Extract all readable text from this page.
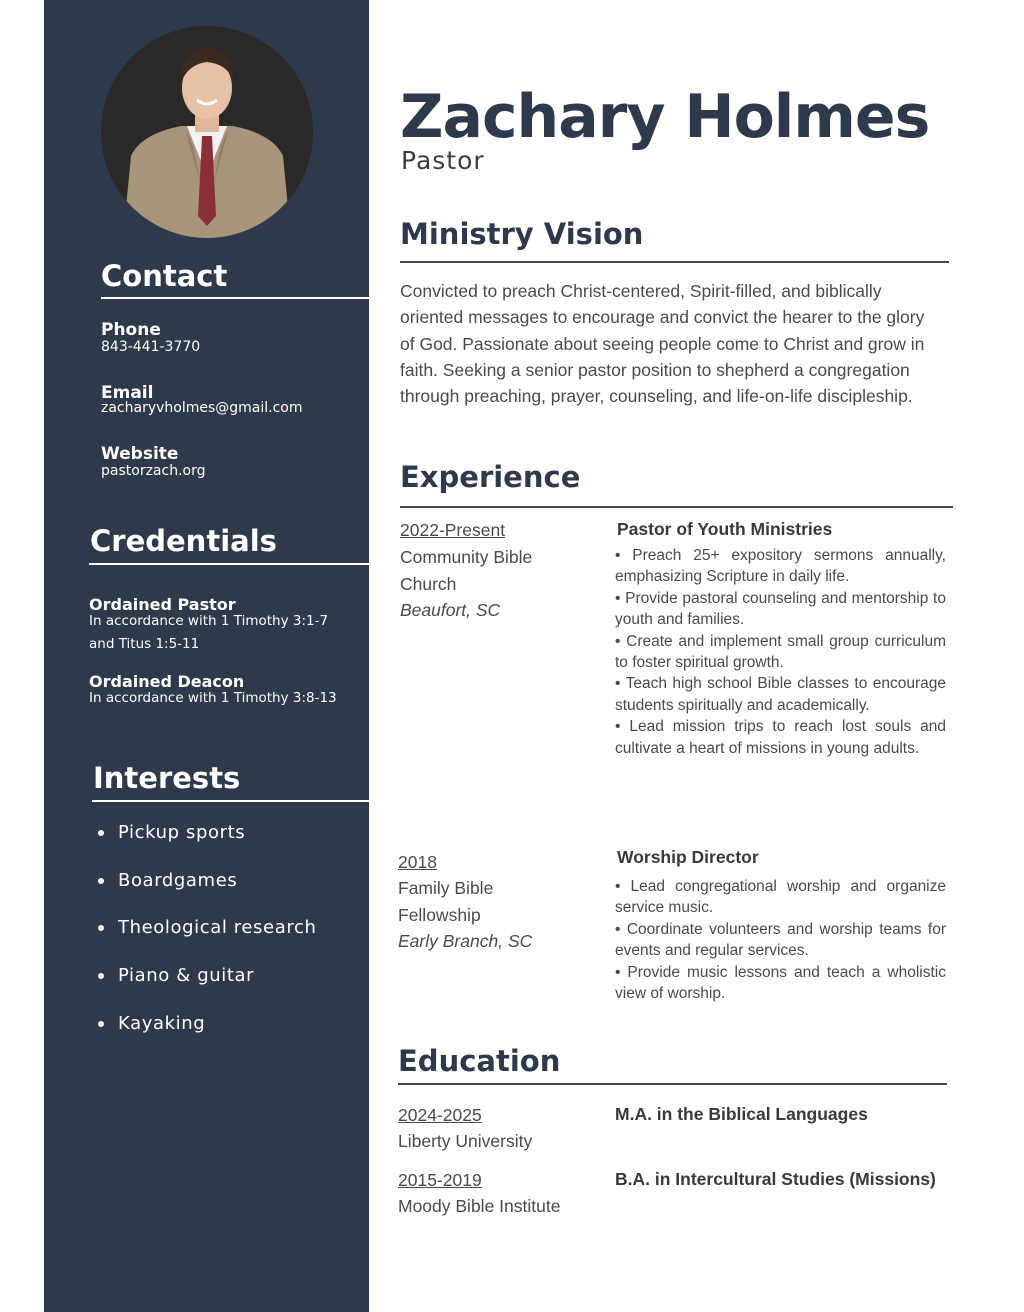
Contact
Phone
843-441-3770
Email
zacharyvholmes@gmail.com
Website
pastorzach.org
Credentials
Ordained Pastor
In accordance with 1 Timothy 3:1-7 and Titus 1:5-11
Ordained Deacon
In accordance with 1 Timothy 3:8-13
Interests
Pickup sports
Boardgames
Theological research
Piano & guitar
Kayaking
Zachary Holmes
Pastor
Ministry Vision

Convicted to preach Christ-centered, Spirit-filled, and biblically oriented messages to encourage and convict the hearer to the glory of God. Passionate about seeing people come to Christ and grow in faith. Seeking a senior pastor position to shepherd a congregation through preaching, prayer, counseling, and life-on-life discipleship.

Experience
2022-Present
Community Bible Church
Beaufort, SC
Pastor of Youth Ministries
• Preach 25+ expository sermons annually, emphasizing Scripture in daily life.
• Provide pastoral counseling and mentorship to youth and families.
• Create and implement small group curriculum to foster spiritual growth.
• Teach high school Bible classes to encourage students spiritually and academically.
• Lead mission trips to reach lost souls and cultivate a heart of missions in young adults.
2018
Family Bible Fellowship
Early Branch, SC
Worship Director
• Lead congregational worship and organize service music.
• Coordinate volunteers and worship teams for events and regular services.
• Provide music lessons and teach a wholistic view of worship.
Education
2024-2025
Liberty University
M.A. in the Biblical Languages
2015-2019
Moody Bible Institute
B.A. in Intercultural Studies (Missions)
